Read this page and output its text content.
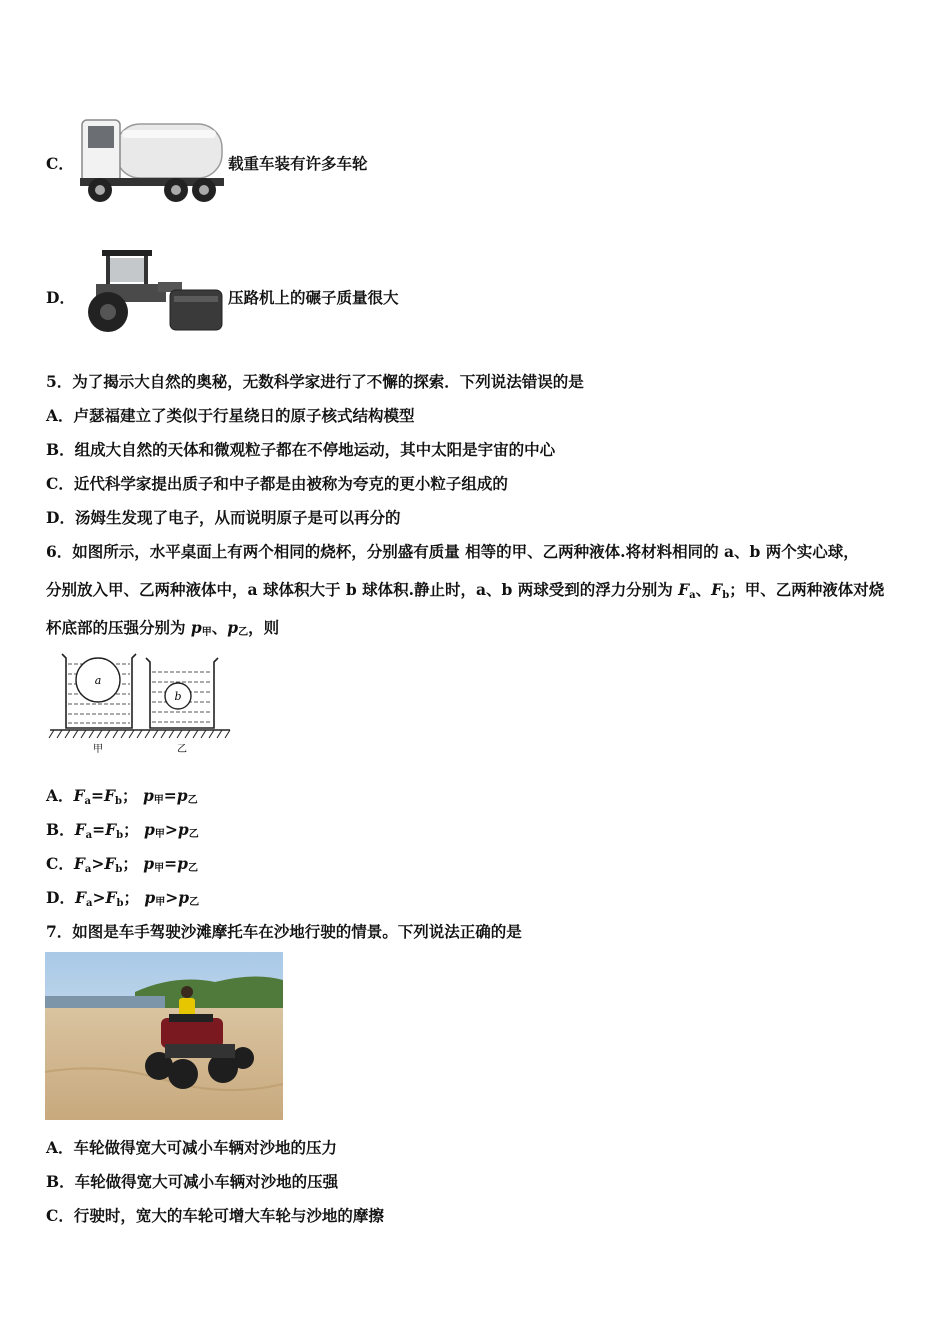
C．	载重车装有许多车轮
D．	压路机上的碾子质量很大
5．为了揭示大自然的奥秘，无数科学家进行了不懈的探索．下列说法错误的是
A．卢瑟福建立了类似于行星绕日的原子核式结构模型
B．组成大自然的天体和微观粒子都在不停地运动，其中太阳是宇宙的中心
C．近代科学家提出质子和中子都是由被称为夸克的更小粒子组成的
D．汤姆生发现了电子，从而说明原子是可以再分的
6．如图所示，水平桌面上有两个相同的烧杯，分别盛有质量 相等的甲、乙两种液体.将材料相同的 a、b 两个实心球，
分别放入甲、乙两种液体中，a 球体积大于 b 球体积.静止时，a、b 两球受到的浮力分别为 $F_a$、$F_b$；甲、乙两种液体对烧
杯底部的压强分别为 p甲、p乙，则
a
b
甲	乙
A．$F_a=F_b$； p甲=p乙
B．$F_a=F_b$； p甲>p乙
C．$F_a>F_b$； p甲=p乙
D．$F_a>F_b$； p甲>p乙
7．如图是车手驾驶沙滩摩托车在沙地行驶的情景。下列说法正确的是
A．车轮做得宽大可减小车辆对沙地的压力
B．车轮做得宽大可减小车辆对沙地的压强
C．行驶时，宽大的车轮可增大车轮与沙地的摩擦
